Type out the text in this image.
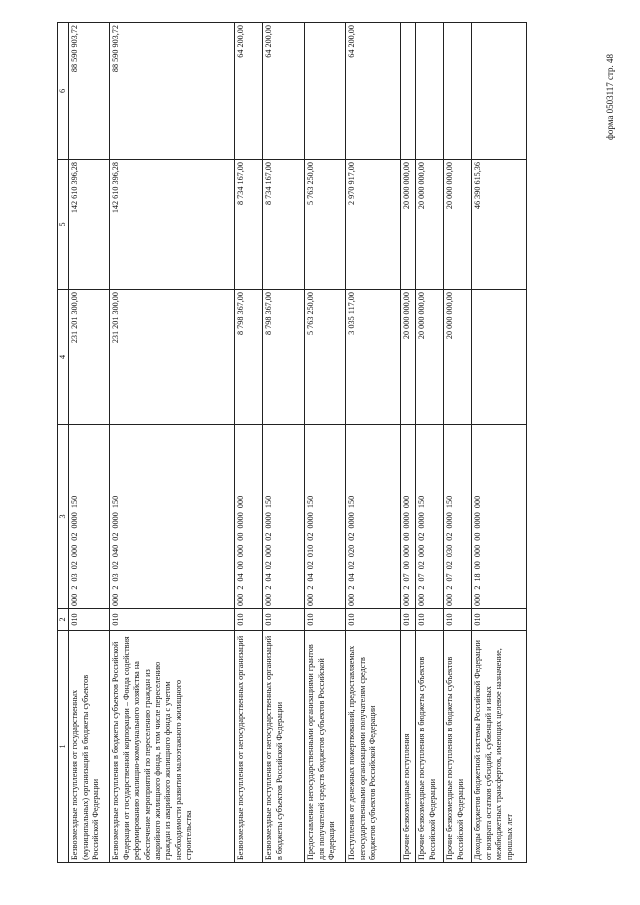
форма 0503117 стр. 48
1	2	3	4	5	6
Безвозмездные поступления от государственных (муниципальных) организаций в бюджеты субъектов Российской Федерации	010	000 2 03 02 000 02 0000 150	231 201 300,00	142 610 396,28	88 590 903,72
Безвозмездные поступления в бюджеты субъектов Российской Федерации от государственной корпорации – Фонда содействия реформированию жилищно-коммунального хозяйства на обеспечение мероприятий по переселению граждан из аварийного жилищного фонда, в том числе переселению граждан из аварийного жилищного фонда с учетом необходимости развития малоэтажного жилищного строительства	010	000 2 03 02 040 02 0000 150	231 201 300,00	142 610 396,28	88 590 903,72
Безвозмездные поступления от негосударственных организаций	010	000 2 04 00 000 00 0000 000	8 798 367,00	8 734 167,00	64 200,00
Безвозмездные поступления от негосударственных организаций в бюджеты субъектов Российской Федерации	010	000 2 04 02 000 02 0000 150	8 798 367,00	8 734 167,00	64 200,00
Предоставление негосударственными организациями грантов для получателей средств бюджетов субъектов Российской Федерации	010	000 2 04 02 010 02 0000 150	5 763 250,00	5 763 250,00	
Поступления от денежных пожертвований, предоставляемых негосударственными организациями получателям средств бюджетов субъектов Российской Федерации	010	000 2 04 02 020 02 0000 150	3 035 117,00	2 970 917,00	64 200,00
Прочие безвозмездные поступления	010	000 2 07 00 000 00 0000 000	20 000 000,00	20 000 000,00	
Прочие безвозмездные поступления в бюджеты субъектов Российской Федерации	010	000 2 07 02 000 02 0000 150	20 000 000,00	20 000 000,00	
Прочие безвозмездные поступления в бюджеты субъектов Российской Федерации	010	000 2 07 02 030 02 0000 150	20 000 000,00	20 000 000,00	
Доходы бюджетов бюджетной системы Российской Федерации от возврата остатков субсидий, субвенций и иных межбюджетных трансфертов, имеющих целевое назначение, прошлых лет	010	000 2 18 00 000 00 0000 000		46 390 615,36	
